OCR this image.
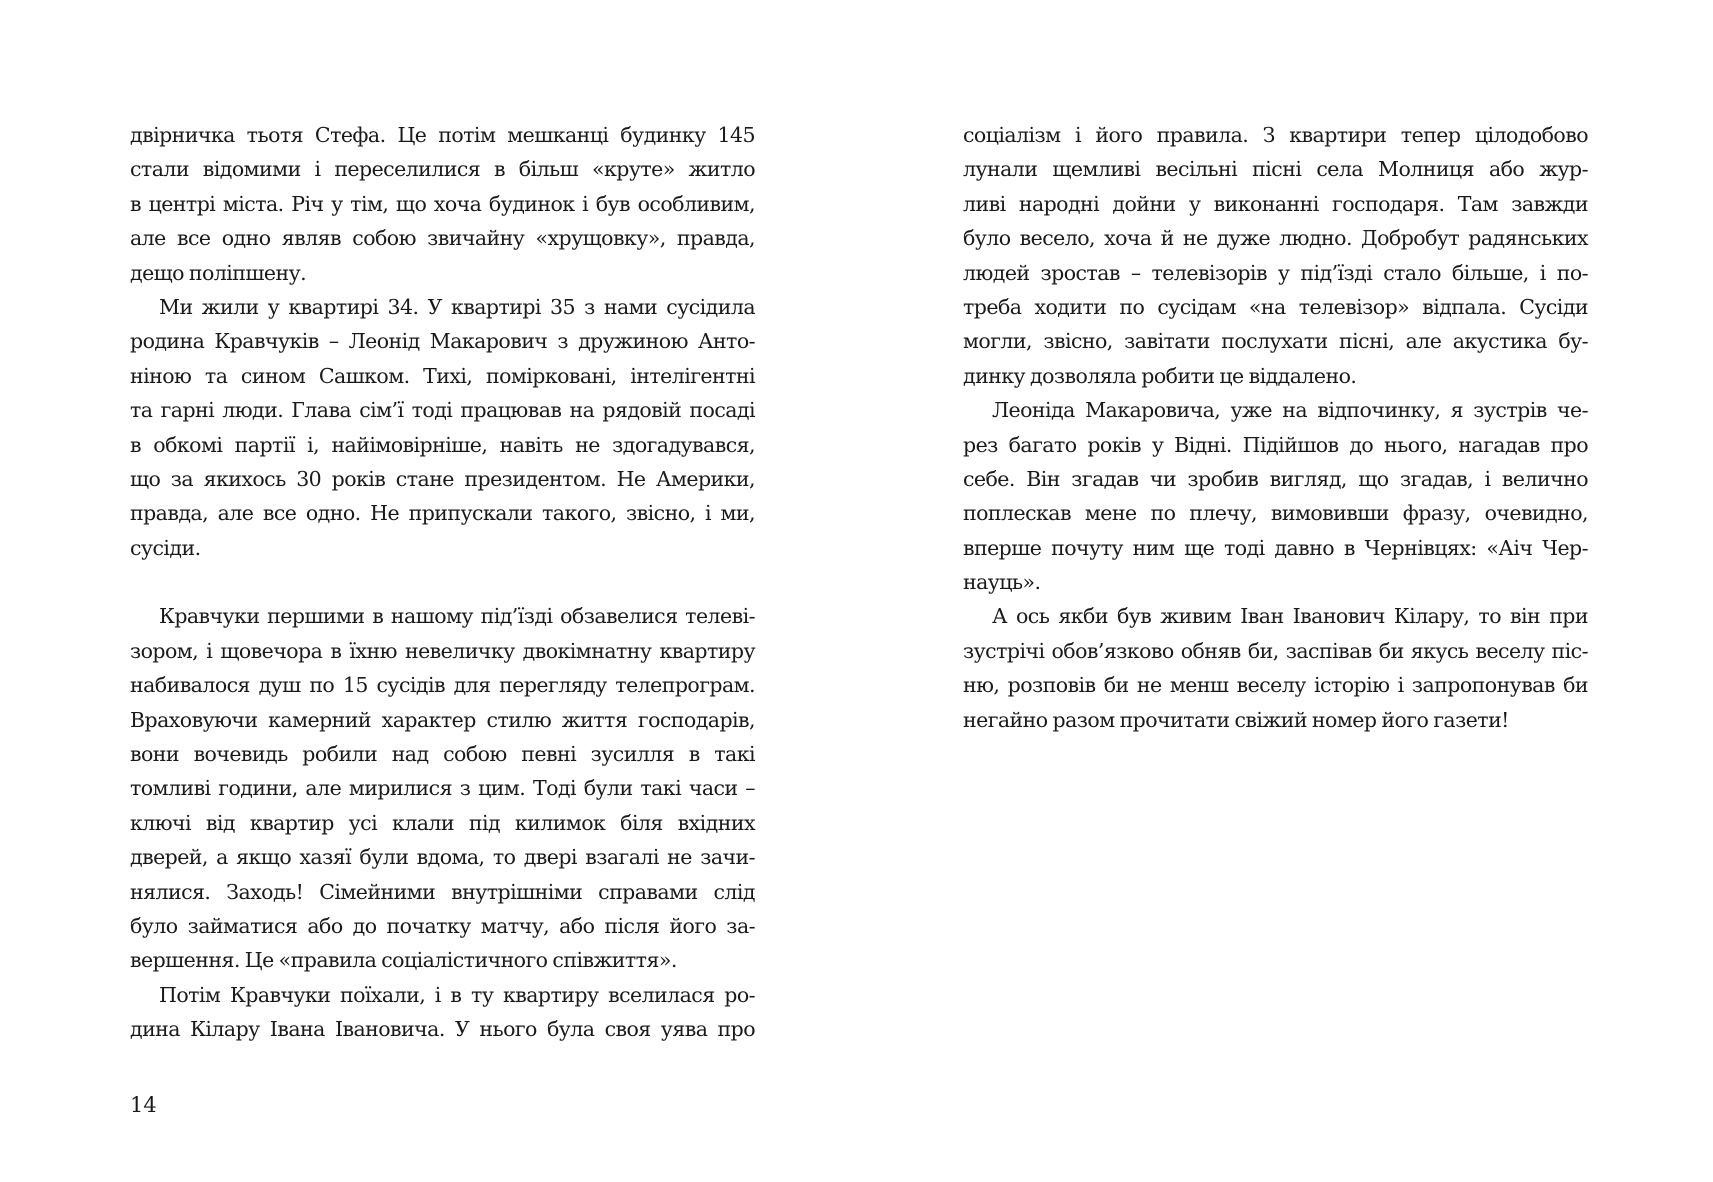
двірничка тьотя Стефа. Це потім мешканці будинку 145
стали відомими і переселилися в більш «круте» житло
в центрі міста. Річ у тім, що хоча будинок і був особливим,
але все одно являв собою звичайну «хрущовку», правда,
дещо поліпшену.
Ми жили у квартирі 34. У квартирі 35 з нами сусідила
родина Кравчуків – Леонід Макарович з дружиною Анто-
ніною та сином Сашком. Тихі, поміркованi, інтелігентні
та гарні люди. Глава сім’ї тоді працював на рядовій посаді
в обкомі партії і, найімовірніше, навіть не здогадувався,
що за якихось 30 років стане президентом. Не Америки,
правда, але все одно. Не припускали такого, звісно, і ми,
сусіди.
Кравчуки першими в нашому під’їзді обзавелися телеві-
зором, і щовечора в їхню невеличку двокімнатну квартиру
набивалося душ по 15 сусідів для перегляду телепрограм.
Враховуючи камерний характер стилю життя господарів,
вони вочевидь робили над собою певні зусилля в такі
томливі години, але мирилися з цим. Тоді були такі часи –
ключі від квартир усі клали під килимок біля вхідних
дверей, а якщо хазяї були вдома, то двері взагалі не зачи-
нялися. Заходь! Сімейними внутрішніми справами слід
було займатися або до початку матчу, або після його за-
вершення. Це «правила соціалістичного співжиття».
Потім Кравчуки поїхали, і в ту квартиру вселилася ро-
дина Кілару Івана Івановича. У нього була своя уява про
соціалізм і його правила. З квартири тепер цілодобово
лунали щемливі весільні пісні села Молниця або жур-
ливі народні дойни у виконанні господаря. Там завжди
було весело, хоча й не дуже людно. Добробут радянських
людей зростав – телевізорів у під’їзді стало більше, і по-
треба ходити по сусідам «на телевізор» відпала. Сусіди
могли, звісно, завітати послухати пісні, але акустика бу-
динку дозволяла робити це віддалено.
Леоніда Макаровича, уже на відпочинку, я зустрів че-
рез багато років у Відні. Підійшов до нього, нагадав про
себе. Він згадав чи зробив вигляд, що згадав, і велично
поплескав мене по плечу, вимовивши фразу, очевидно,
вперше почуту ним ще тоді давно в Чернівцях: «Аіч Чер-
науць».
А ось якби був живим Іван Іванович Кілару, то він при
зустрічі обов’язково обняв би, заспівав би якусь веселу піс-
ню, розповів би не менш веселу історію і запропонував би
негайно разом прочитати свіжий номер його газети!
14
